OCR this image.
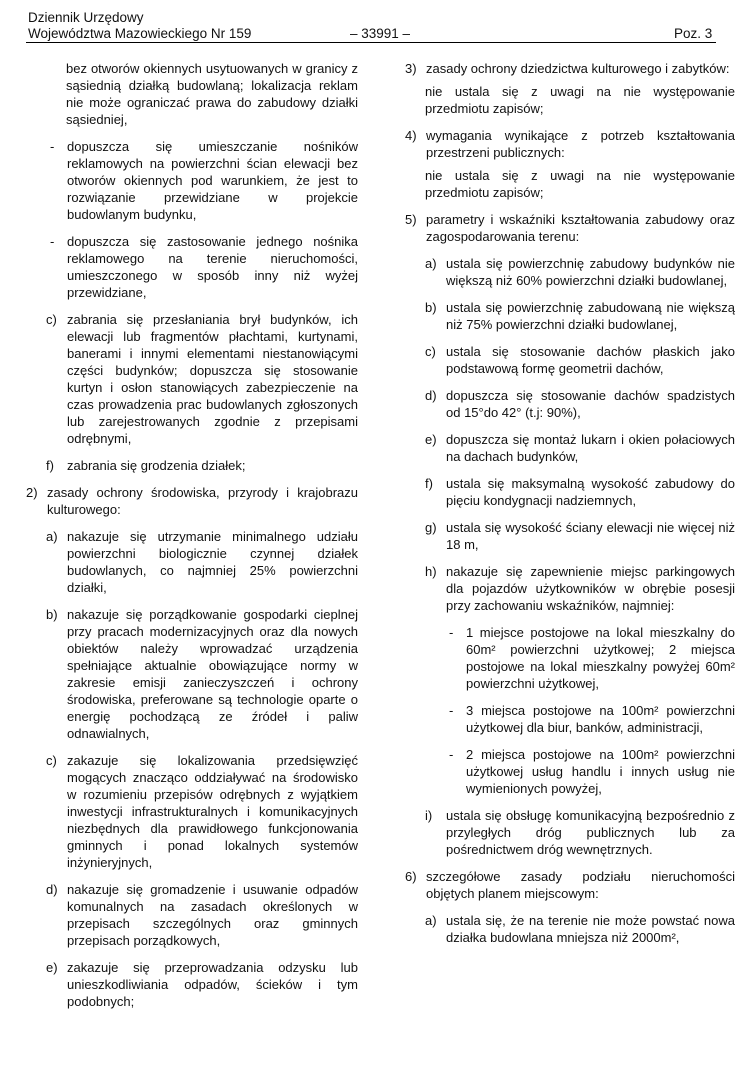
Dziennik Urzędowy
Województwa Mazowieckiego Nr 159	– 33991 –	Poz. 3
bez otworów okiennych usytuowanych w granicy z sąsiednią działką budowlaną; lokalizacja reklam nie może ograniczać prawa do zabudowy działki sąsiedniej,
- dopuszcza się umieszczanie nośników reklamowych na powierzchni ścian elewacji bez otworów okiennych pod warunkiem, że jest to rozwiązanie przewidziane w projekcie budowlanym budynku,
- dopuszcza się zastosowanie jednego nośnika reklamowego na terenie nieruchomości, umieszczonego w sposób inny niż wyżej przewidziane,
c) zabrania się przesłaniania brył budynków, ich elewacji lub fragmentów płachtami, kurtynami, banerami i innymi elementami niestanowiącymi części budynków; dopuszcza się stosowanie kurtyn i osłon stanowiących zabezpieczenie na czas prowadzenia prac budowlanych zgłoszonych lub zarejestrowanych zgodnie z przepisami odrębnymi,
f) zabrania się grodzenia działek;
2) zasady ochrony środowiska, przyrody i krajobrazu kulturowego:
a) nakazuje się utrzymanie minimalnego udziału powierzchni biologicznie czynnej działek budowlanych, co najmniej 25% powierzchni działki,
b) nakazuje się porządkowanie gospodarki cieplnej przy pracach modernizacyjnych oraz dla nowych obiektów należy wprowadzać urządzenia spełniające aktualnie obowiązujące normy w zakresie emisji zanieczyszczeń i ochrony środowiska, preferowane są technologie oparte o energię pochodzącą ze źródeł i paliw odnawialnych,
c) zakazuje się lokalizowania przedsięwzięć mogących znacząco oddziaływać na środowisko w rozumieniu przepisów odrębnych z wyjątkiem inwestycji infrastrukturalnych i komunikacyjnych niezbędnych dla prawidłowego funkcjonowania gminnych i ponad lokalnych systemów inżynieryjnych,
d) nakazuje się gromadzenie i usuwanie odpadów komunalnych na zasadach określonych w przepisach szczególnych oraz gminnych przepisach porządkowych,
e) zakazuje się przeprowadzania odzysku lub unieszkodliwiania odpadów, ścieków i tym podobnych;
3) zasady ochrony dziedzictwa kulturowego i zabytków:
nie ustala się z uwagi na nie występowanie przedmiotu zapisów;
4) wymagania wynikające z potrzeb kształtowania przestrzeni publicznych:
nie ustala się z uwagi na nie występowanie przedmiotu zapisów;
5) parametry i wskaźniki kształtowania zabudowy oraz zagospodarowania terenu:
a) ustala się powierzchnię zabudowy budynków nie większą niż 60% powierzchni działki budowlanej,
b) ustala się powierzchnię zabudowaną nie większą niż 75% powierzchni działki budowlanej,
c) ustala się stosowanie dachów płaskich jako podstawową formę geometrii dachów,
d) dopuszcza się stosowanie dachów spadzistych od 15°do 42° (t.j: 90%),
e) dopuszcza się montaż lukarn i okien połaciowych na dachach budynków,
f) ustala się maksymalną wysokość zabudowy do pięciu kondygnacji nadziemnych,
g) ustala się wysokość ściany elewacji nie więcej niż 18 m,
h) nakazuje się zapewnienie miejsc parkingowych dla pojazdów użytkowników w obrębie posesji przy zachowaniu wskaźników, najmniej:
- 1 miejsce postojowe na lokal mieszkalny do 60m² powierzchni użytkowej; 2 miejsca postojowe na lokal mieszkalny powyżej 60m² powierzchni użytkowej,
- 3 miejsca postojowe na 100m² powierzchni użytkowej dla biur, banków, administracji,
- 2 miejsca postojowe na 100m² powierzchni użytkowej usług handlu i innych usług nie wymienionych powyżej,
i) ustala się obsługę komunikacyjną bezpośrednio z przyległych dróg publicznych lub za pośrednictwem dróg wewnętrznych.
6) szczegółowe zasady podziału nieruchomości objętych planem miejscowym:
a) ustala się, że na terenie nie może powstać nowa działka budowlana mniejsza niż 2000m²,
